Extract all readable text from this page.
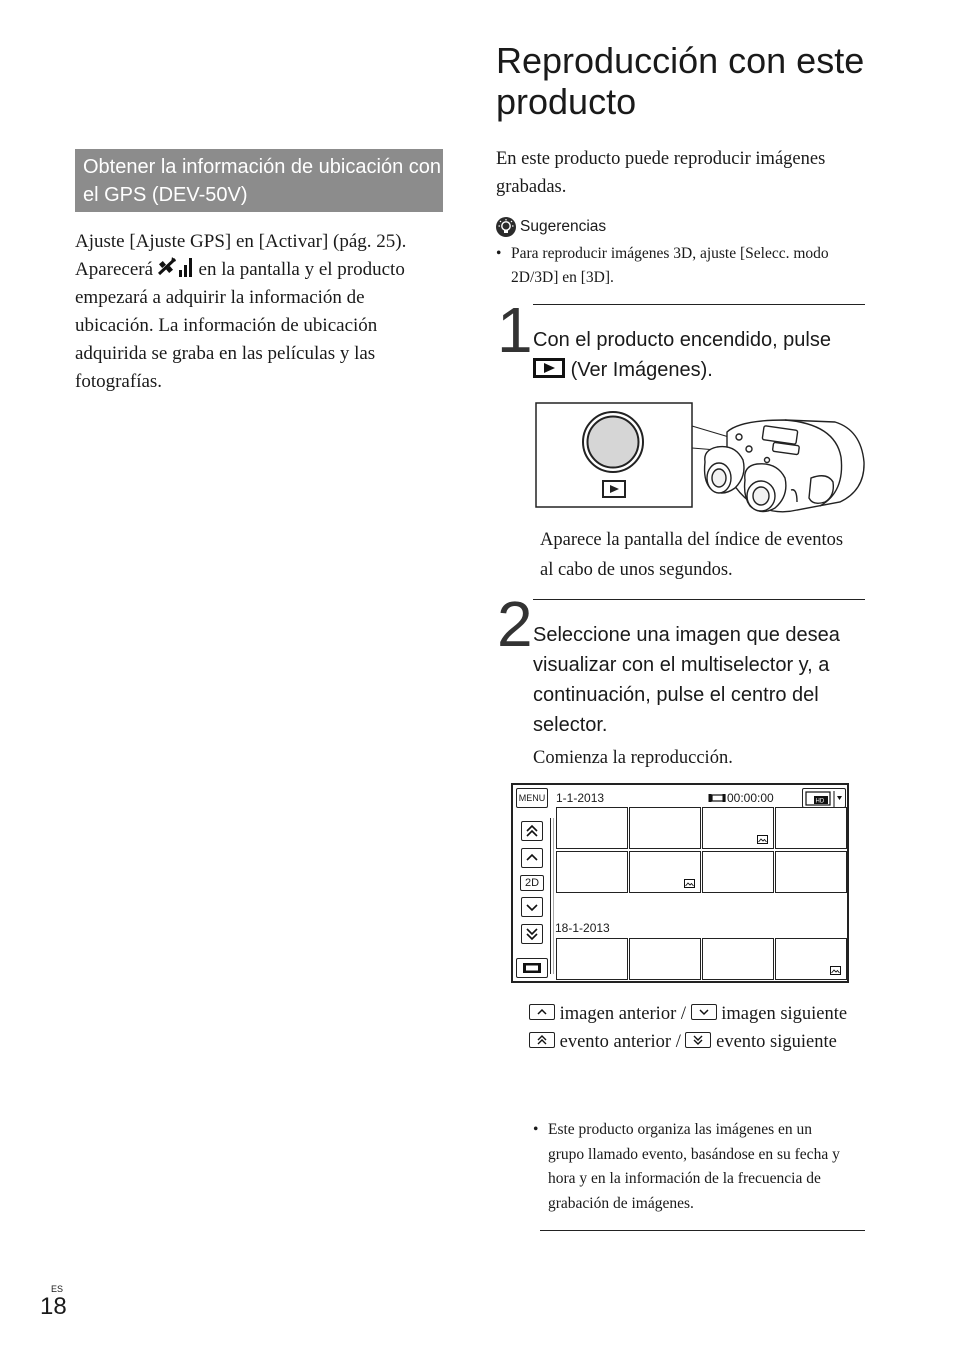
Obtener la información de ubicación con el GPS (DEV-50V)
Ajuste [Ajuste GPS] en [Activar] (pág. 25). Aparecerá en la pantalla y el producto empezará a adquirir la información de ubicación. La información de ubicación adquirida se graba en las películas y las fotografías.
Reproducción con este producto
En este producto puede reproducir imágenes grabadas.
Sugerencias
• Para reproducir imágenes 3D, ajuste [Selecc. modo 2D/3D] en [3D].
1 Con el producto encendido, pulse  (Ver Imágenes).
Aparece la pantalla del índice de eventos al cabo de unos segundos.
2 Seleccione una imagen que desea visualizar con el multiselector y, a continuación, pulse el centro del selector.
Comienza la reproducción.
MENU 1-1-2013	00:00:00	HD
2D
18-1-2013
imagen anterior / imagen siguiente
evento anterior / evento siguiente
• Este producto organiza las imágenes en un grupo llamado evento, basándose en su fecha y hora y en la información de la frecuencia de grabación de imágenes.
ES
18
